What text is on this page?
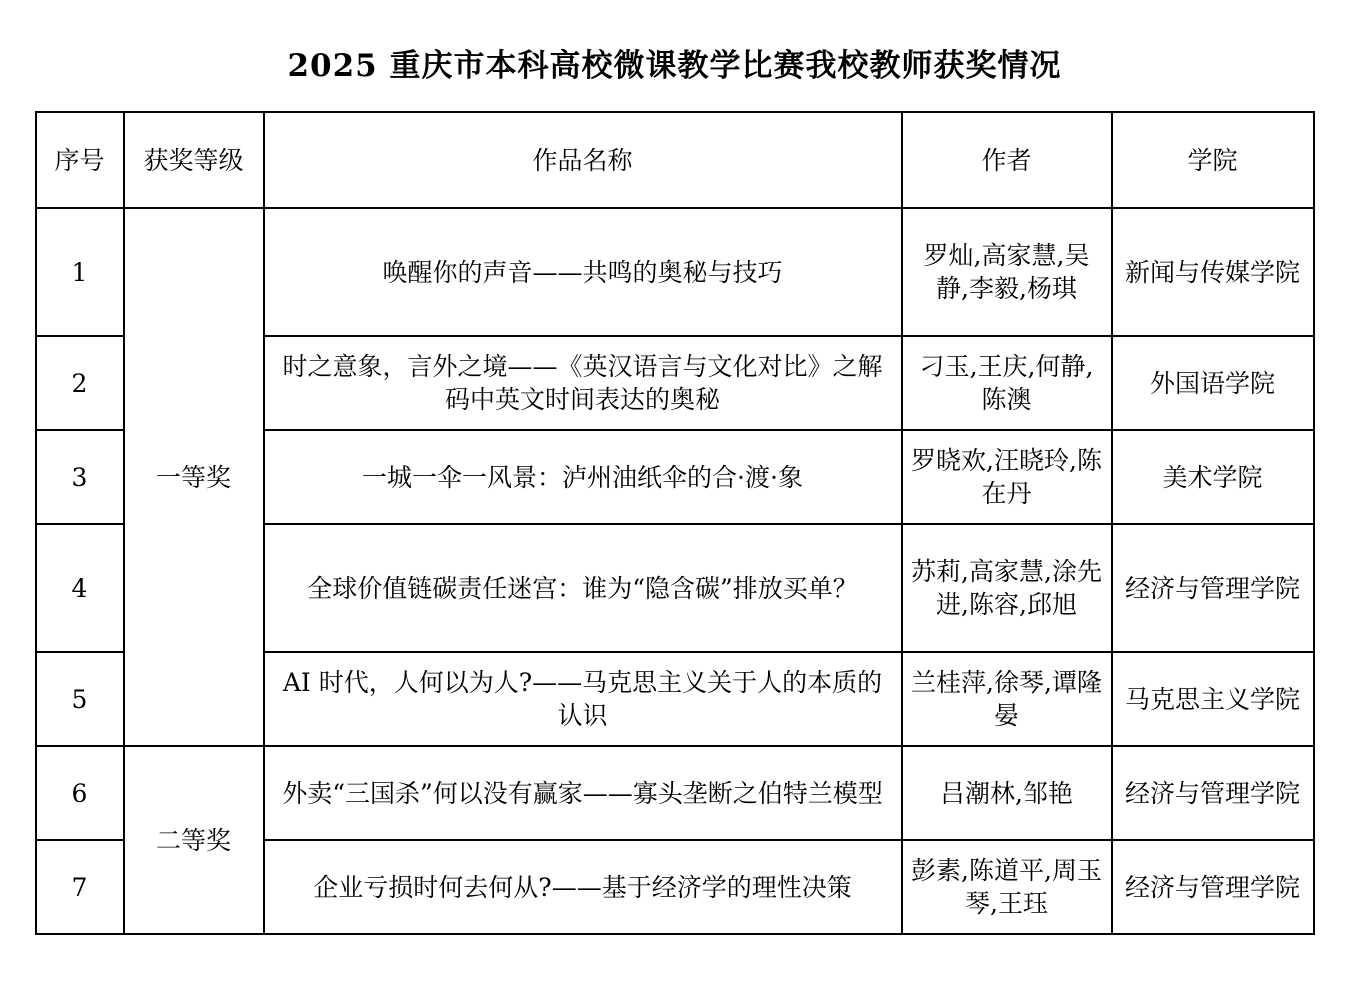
2025 重庆市本科高校微课教学比赛我校教师获奖情况
序号	获奖等级	作品名称	作者	学院
1	一等奖	唤醒你的声音——共鸣的奥秘与技巧	罗灿,高家慧,吴静,李毅,杨琪	新闻与传媒学院
2		时之意象，言外之境——《英汉语言与文化对比》之解码中英文时间表达的奥秘	刁玉,王庆,何静,陈澳	外国语学院
3		一城一伞一风景：泸州油纸伞的合·渡·象	罗晓欢,汪晓玲,陈在丹	美术学院
4		全球价值链碳责任迷宫：谁为“隐含碳”排放买单？	苏莉,高家慧,涂先进,陈容,邱旭	经济与管理学院
5		AI 时代，人何以为人?——马克思主义关于人的本质的认识	兰桂萍,徐琴,谭隆晏	马克思主义学院
6	二等奖	外卖“三国杀”何以没有赢家——寡头垄断之伯特兰模型	吕潮林,邹艳	经济与管理学院
7		企业亏损时何去何从?——基于经济学的理性决策	彭素,陈道平,周玉琴,王珏	经济与管理学院
